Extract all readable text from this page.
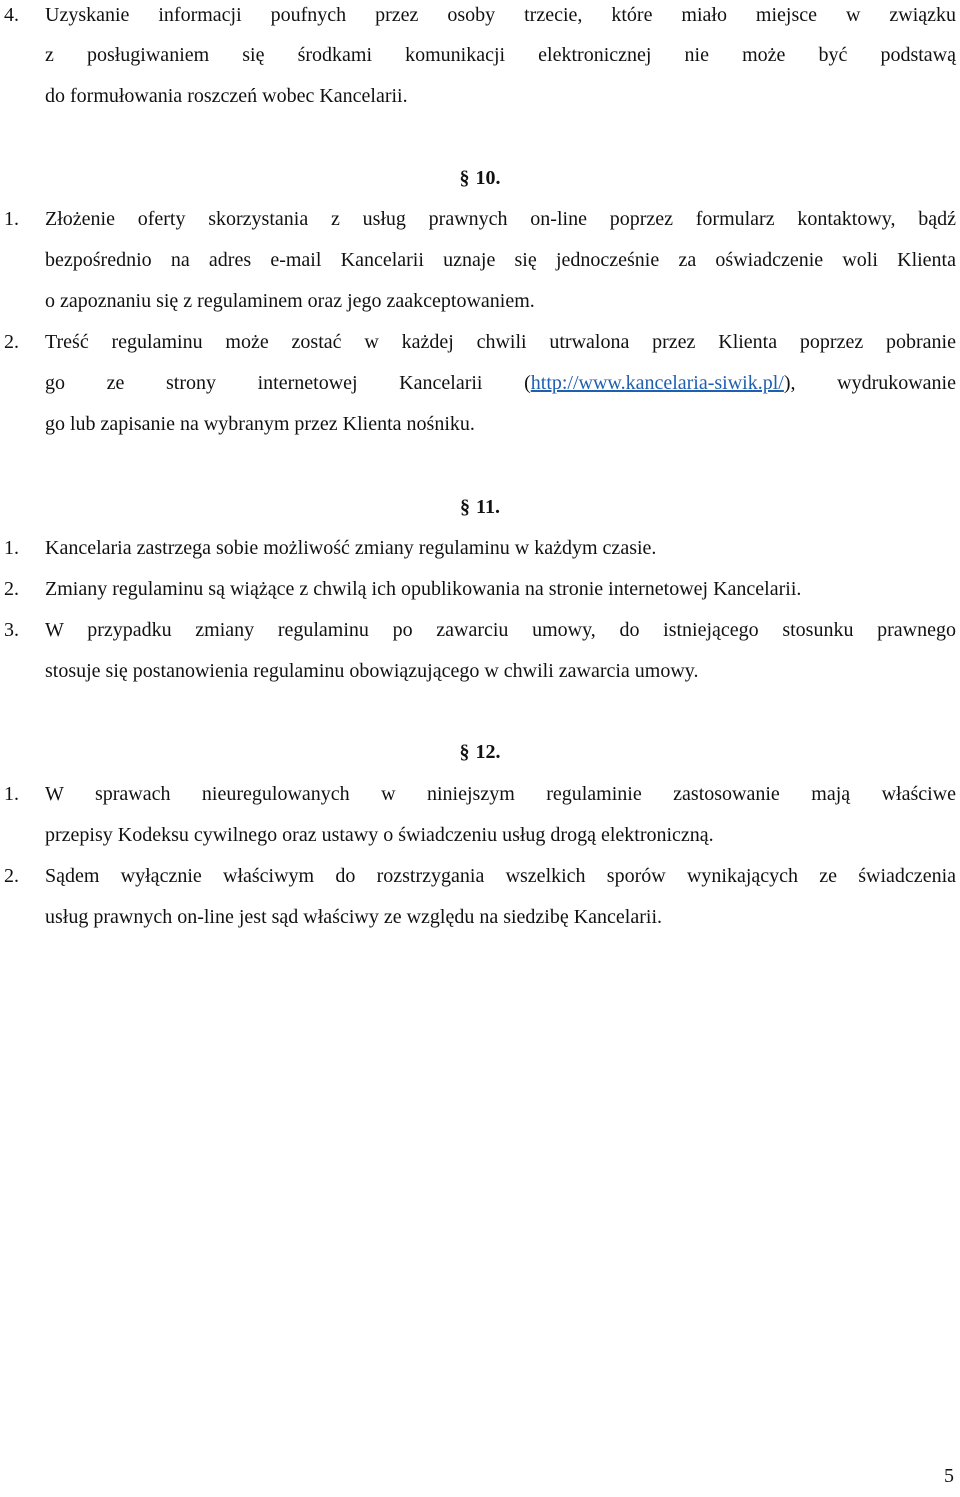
4. Uzyskanie informacji poufnych przez osoby trzecie, które miało miejsce w związku
z posługiwaniem się środkami komunikacji elektronicznej nie może być podstawą
do formułowania roszczeń wobec Kancelarii.
§ 10.
1. Złożenie oferty skorzystania z usług prawnych on-line poprzez formularz kontaktowy, bądź
bezpośrednio na adres e-mail Kancelarii uznaje się jednocześnie za oświadczenie woli Klienta
o zapoznaniu się z regulaminem oraz jego zaakceptowaniem.
2. Treść regulaminu może zostać w każdej chwili utrwalona przez Klienta poprzez pobranie
go ze strony internetowej Kancelarii (http://www.kancelaria-siwik.pl/), wydrukowanie
go lub zapisanie na wybranym przez Klienta nośniku.
§ 11.
1. Kancelaria zastrzega sobie możliwość zmiany regulaminu w każdym czasie.
2. Zmiany regulaminu są wiążące z chwilą ich opublikowania na stronie internetowej Kancelarii.
3. W przypadku zmiany regulaminu po zawarciu umowy, do istniejącego stosunku prawnego
stosuje się postanowienia regulaminu obowiązującego w chwili zawarcia umowy.
§ 12.
1. W sprawach nieuregulowanych w niniejszym regulaminie zastosowanie mają właściwe
przepisy Kodeksu cywilnego oraz ustawy o świadczeniu usług drogą elektroniczną.
2. Sądem wyłącznie właściwym do rozstrzygania wszelkich sporów wynikających ze świadczenia
usług prawnych on-line jest sąd właściwy ze względu na siedzibę Kancelarii.
5
